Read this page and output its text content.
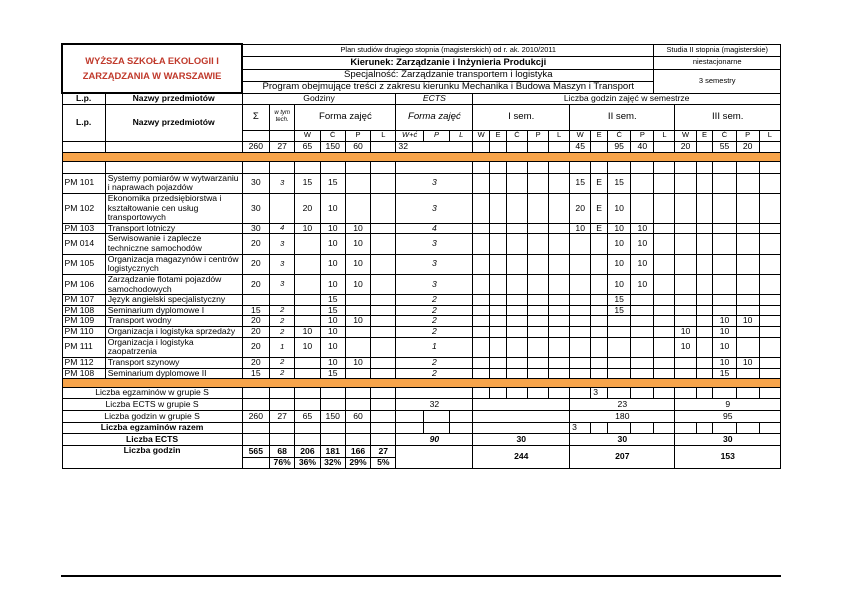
WYŻSZA SZKOŁA EKOLOGII I ZARZĄDZANIA W WARSZAWIE		Plan studiów drugiego stopnia (magisterskich) od r. ak. 2010/2011																		Studia II stopnia (magisterskie)					
		Kierunek: Zarządzanie i Inżynieria Produkcji																		niestacjonarne					
		Specjalność: Zarządzanie transportem i logistyka																		3 semestry					
		Program obejmujące treści z zakresu kierunku Mechanika i Budowa Maszyn i Transport																							
L.p.	Nazwy przedmiotów	Godziny						ECTS			Liczba godzin zajęć w semestrze														
L.p.	Nazwy przedmiotów	Σ	w tym tech.	Forma zajęć				Forma zajęć			I sem.					II sem.					III sem.				
				W	Ć	P	L	W+ć	P	L	W	E	Ć	P	L	W	E	Ć	P	L	W	E	Ć	P	L
		260	27	65	150	60		32								45		95	40		20		55	20	

PM 101	Systemy pomiarów w wytwarzaniu i naprawach pojazdów	30	3	15	15			3								15	E	15							
PM 102	Ekonomika przedsiębiorstwa i kształtowanie cen usług transportowych	30		20	10			3								20	E	10							
PM 103	Transport lotniczy	30	4	10	10	10		4								10	E	10	10						
PM 014	Serwisowanie i zaplecze techniczne samochodów	20	3		10	10		3										10	10						
PM 105	Organizacja magazynów i centrów logistycznych	20	3		10	10		3										10	10						
PM 106	Zarządzanie flotami pojazdów samochodowych	20	3		10	10		3										10	10						
PM 107	Język angielski specjalistyczny				15			2										15							
PM 108	Seminarium dyplomowe I	15	2		15			2										15							
PM 109	Transport wodny	20	2		10	10		2															10	10	
PM 110	Organizacja i logistyka sprzedaży	20	2	10	10			2													10		10		
PM 111	Organizacja i logistyka zaopatrzenia	20	1	10	10			1													10		10		
PM 112	Transport szynowy	20	2		10	10		2															10	10	
PM 108	Seminarium dyplomowe II	15	2		15			2															15		

Liczba egzaminów w grupie S																	3								
Liczba ECTS w grupie S								32								23					9				
Liczba godzin w grupie S		260	27	65	150	60										180					95				
Liczba egzaminów razem																3									
Liczba ECTS								90			30					30					30				
Liczba godzin		565	68	206	181	166	27				244					207					153				
			76%	36%	32%	29%	5%																		
